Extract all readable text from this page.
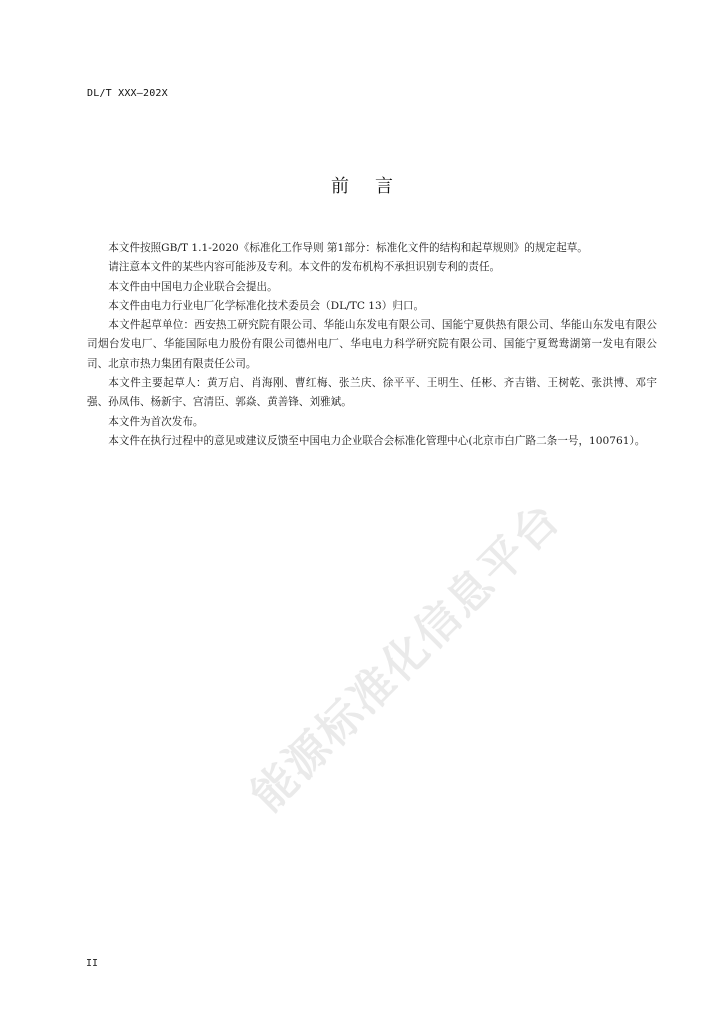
DL/T XXX—202X
前 言

本文件按照GB/T 1.1-2020《标准化工作导则 第1部分：标准化文件的结构和起草规则》的规定起草。

请注意本文件的某些内容可能涉及专利。本文件的发布机构不承担识别专利的责任。

本文件由中国电力企业联合会提出。

本文件由电力行业电厂化学标准化技术委员会（DL/TC 13）归口。

本文件起草单位：西安热工研究院有限公司、华能山东发电有限公司、国能宁夏供热有限公司、华能山东发电有限公司烟台发电厂、华能国际电力股份有限公司德州电厂、华电电力科学研究院有限公司、国能宁夏鸳鸯湖第一发电有限公司、北京市热力集团有限责任公司。

本文件主要起草人：黄万启、肖海刚、曹红梅、张兰庆、徐平平、王明生、任彬、齐吉锴、王树乾、张洪博、邓宇强、孙凤伟、杨新宇、宫清臣、郭焱、黄善锋、刘雅斌。

本文件为首次发布。

本文件在执行过程中的意见或建议反馈至中国电力企业联合会标准化管理中心(北京市白广路二条一号，100761）。

能源标准化信息平台
II
